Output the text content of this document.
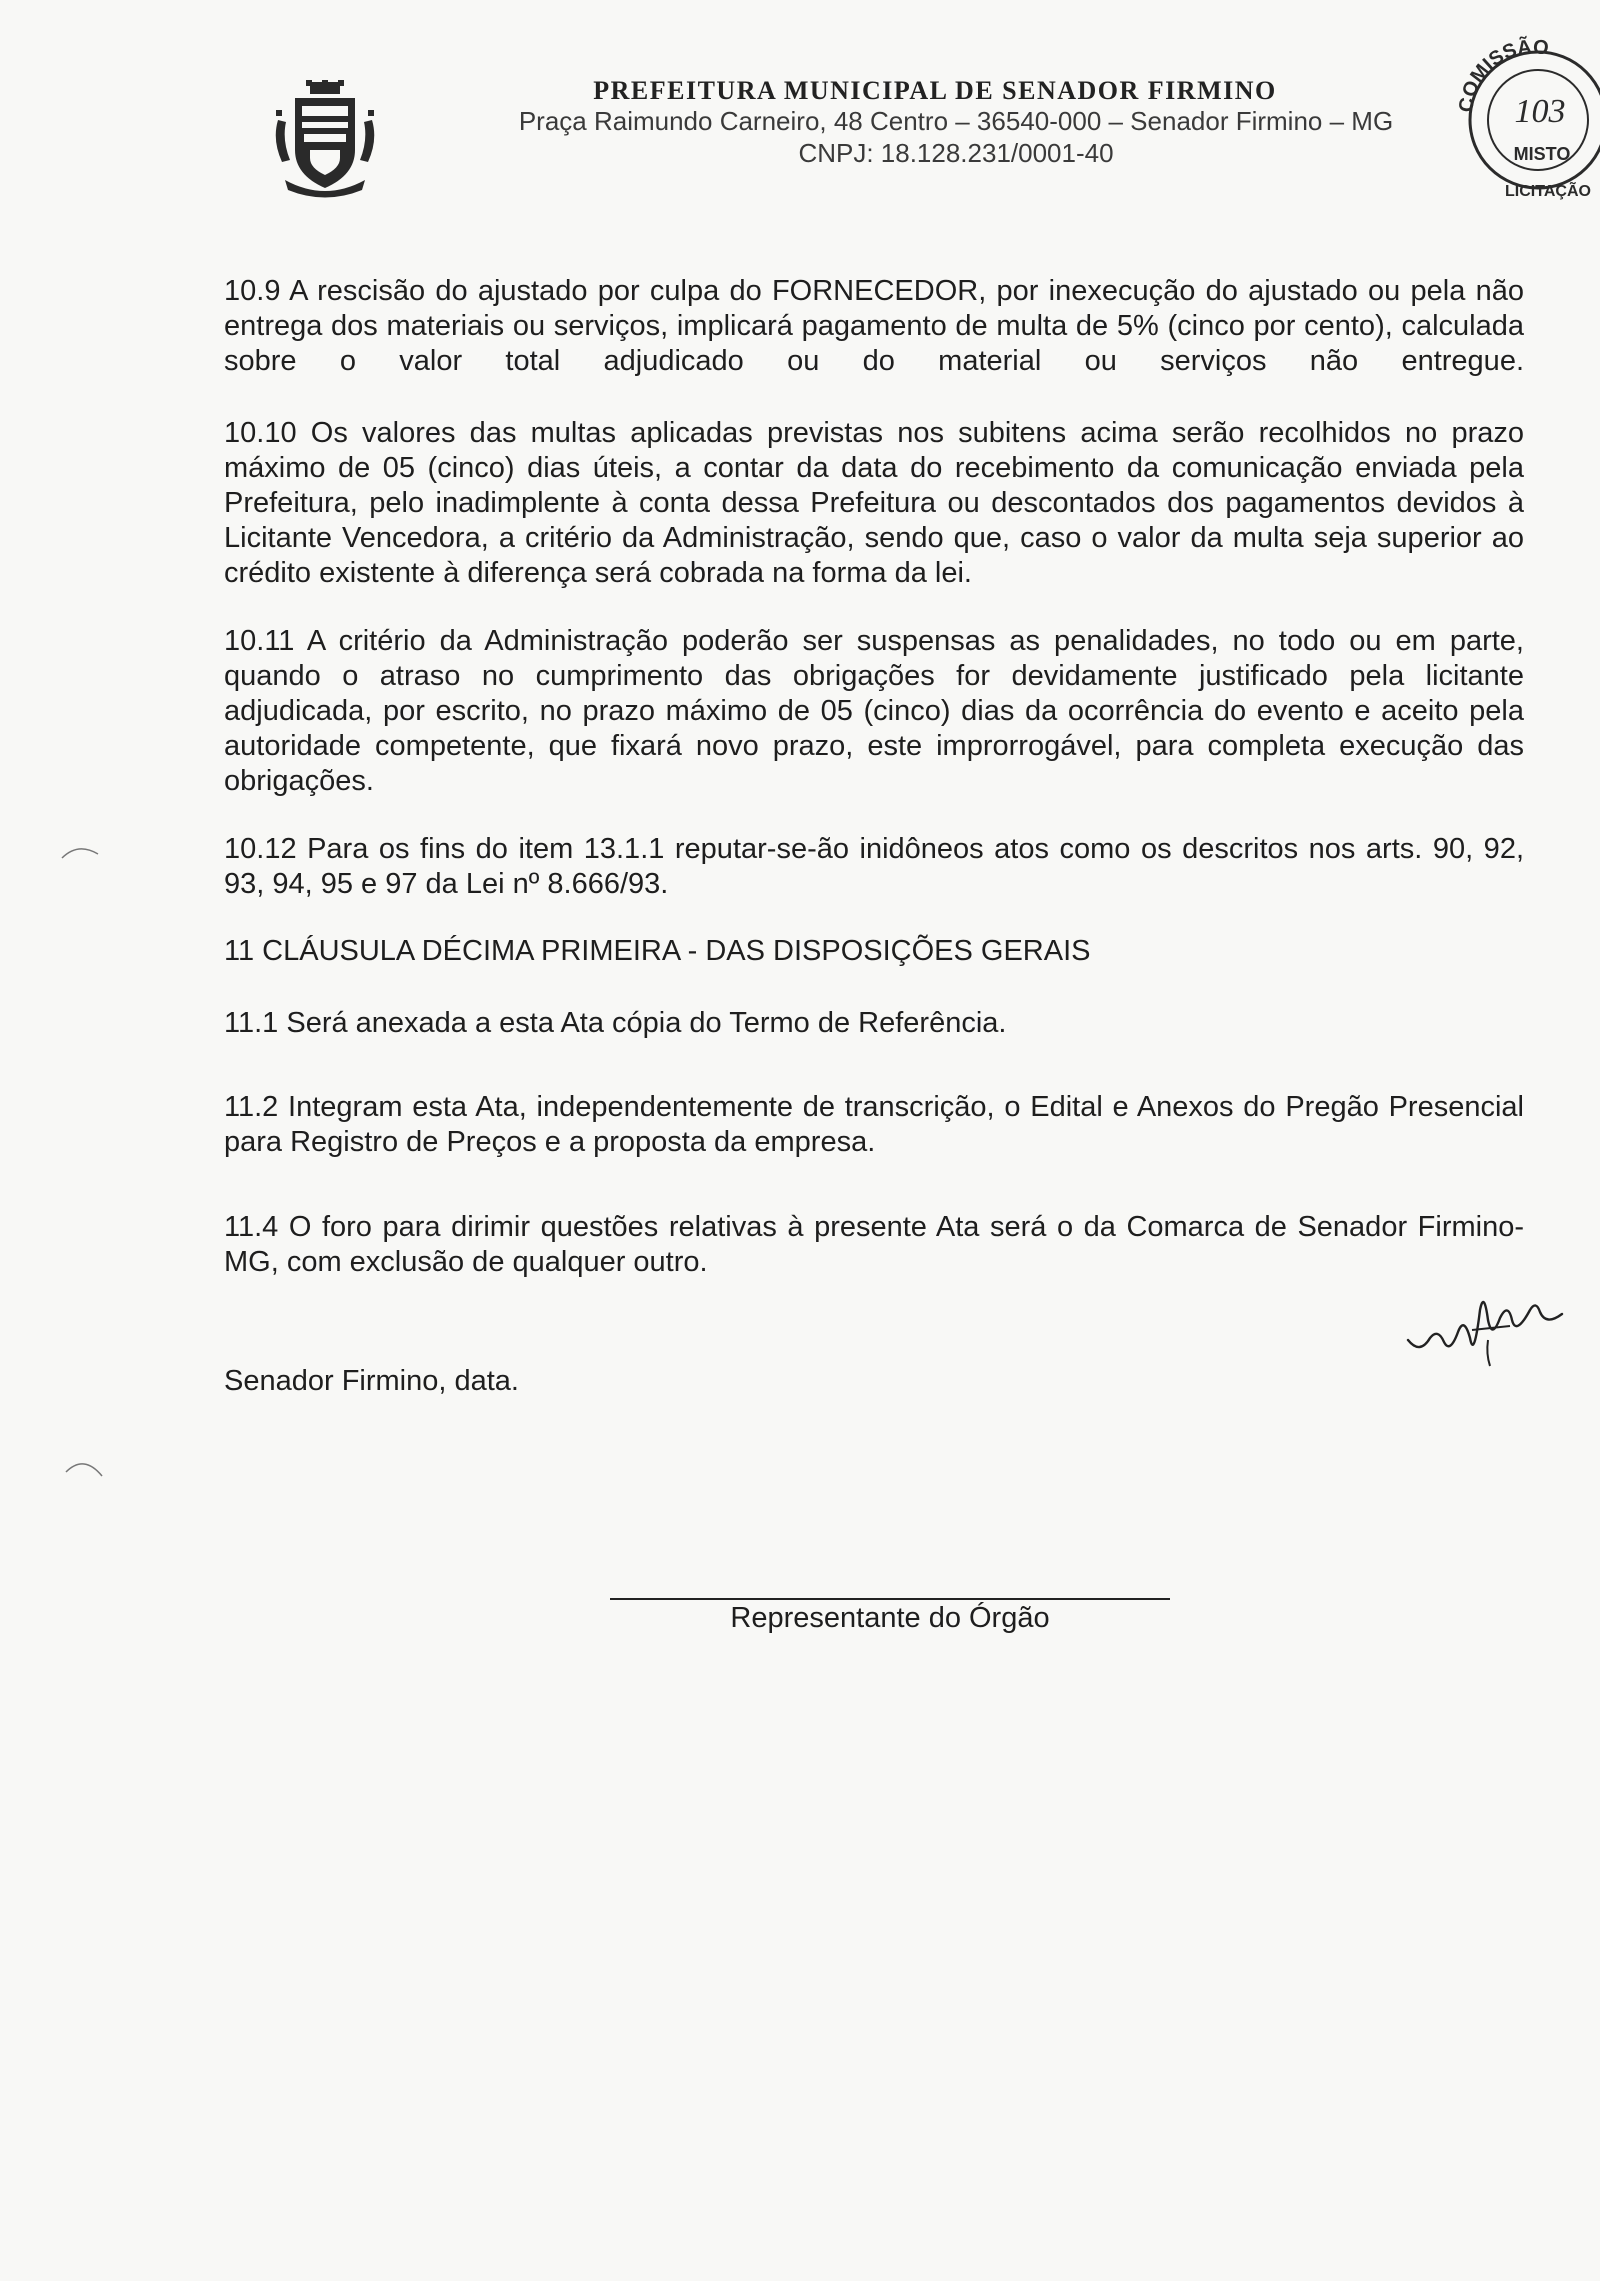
PREFEITURA MUNICIPAL DE SENADOR FIRMINO
Praça Raimundo Carneiro, 48 Centro – 36540-000 – Senador Firmino – MG
CNPJ: 18.128.231/0001-40
COMISSÃO
103
MISTO
LICITAÇÃO

10.9 A rescisão do ajustado por culpa do FORNECEDOR, por inexecução do ajustado ou pela não entrega dos materiais ou serviços, implicará pagamento de multa de 5% (cinco por cento), calculada sobre o valor total adjudicado ou do material ou serviços não entregue.

10.10 Os valores das multas aplicadas previstas nos subitens acima serão recolhidos no prazo máximo de 05 (cinco) dias úteis, a contar da data do recebimento da comunicação enviada pela Prefeitura, pelo inadimplente à conta dessa Prefeitura ou descontados dos pagamentos devidos à Licitante Vencedora, a critério da Administração, sendo que, caso o valor da multa seja superior ao crédito existente à diferença será cobrada na forma da lei.

10.11 A critério da Administração poderão ser suspensas as penalidades, no todo ou em parte, quando o atraso no cumprimento das obrigações for devidamente justificado pela licitante adjudicada, por escrito, no prazo máximo de 05 (cinco) dias da ocorrência do evento e aceito pela autoridade competente, que fixará novo prazo, este improrrogável, para completa execução das obrigações.

10.12 Para os fins do item 13.1.1 reputar-se-ão inidôneos atos como os descritos nos arts. 90, 92, 93, 94, 95 e 97 da Lei nº 8.666/93.

11 CLÁUSULA DÉCIMA PRIMEIRA - DAS DISPOSIÇÕES GERAIS

11.1 Será anexada a esta Ata cópia do Termo de Referência.

11.2 Integram esta Ata, independentemente de transcrição, o Edital e Anexos do Pregão Presencial para Registro de Preços e a proposta da empresa.

11.4 O foro para dirimir questões relativas à presente Ata será o da Comarca de Senador Firmino-MG, com exclusão de qualquer outro.

Senador Firmino, data.

Representante do Órgão
